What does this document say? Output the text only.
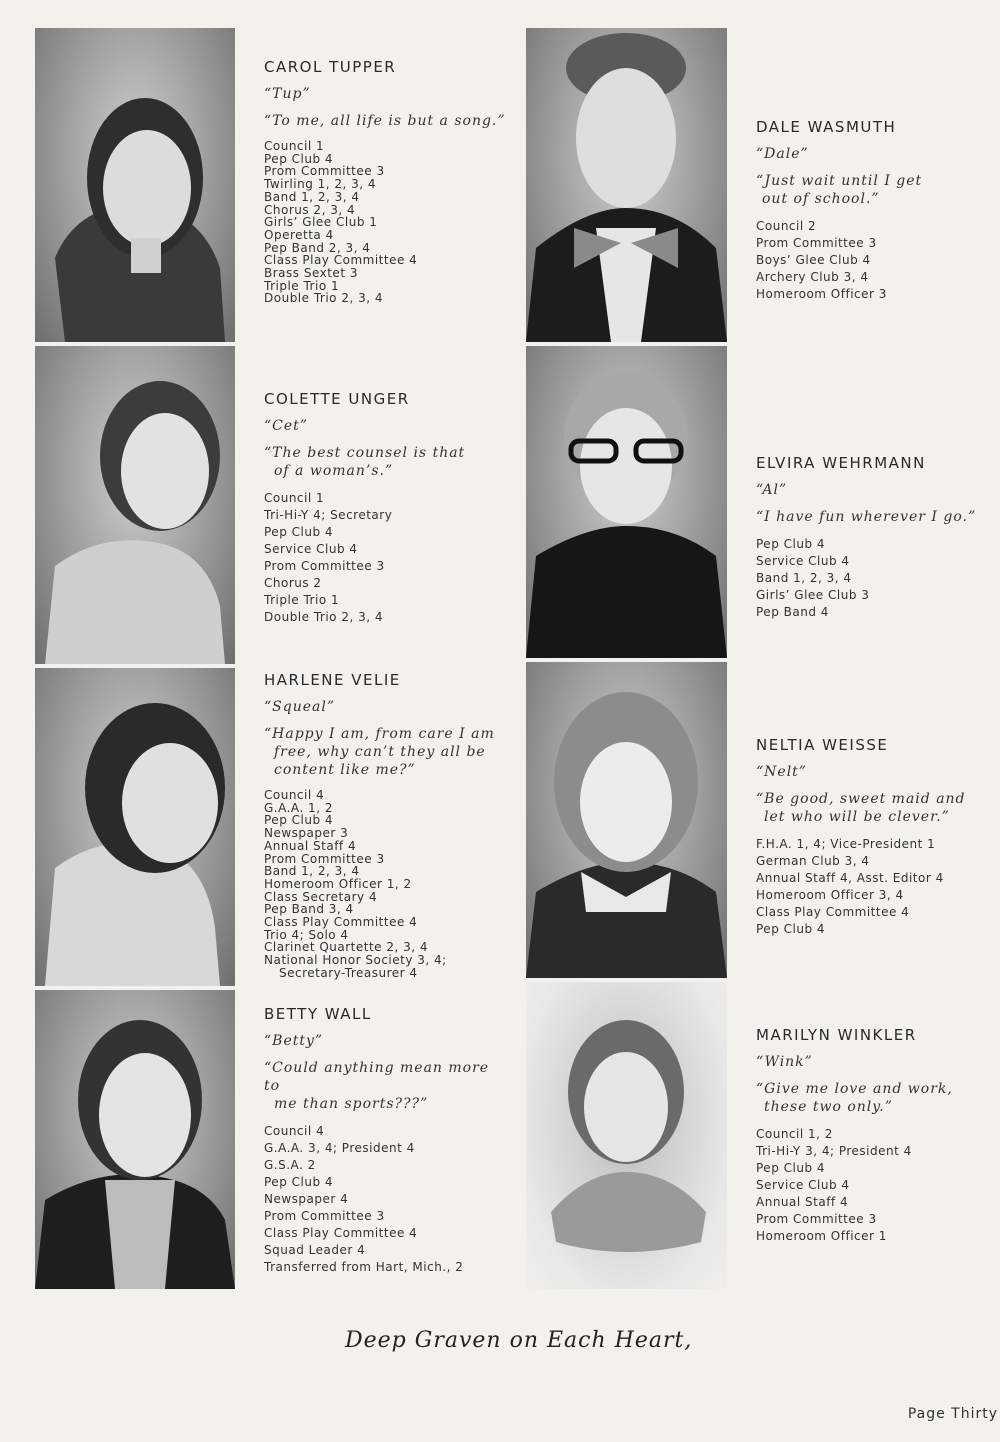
CAROL TUPPER
“Tup”
“To me, all life is but a song.”
Council 1
Pep Club 4
Prom Committee 3
Twirling 1, 2, 3, 4
Band 1, 2, 3, 4
Chorus 2, 3, 4
Girls’ Glee Club 1
Operetta 4
Pep Band 2, 3, 4
Class Play Committee 4
Brass Sextet 3
Triple Trio 1
Double Trio 2, 3, 4
COLETTE UNGER
“Cet”
“The best counsel is that
of a woman’s.”
Council 1
Tri-Hi-Y 4; Secretary
Pep Club 4
Service Club 4
Prom Committee 3
Chorus 2
Triple Trio 1
Double Trio 2, 3, 4
HARLENE VELIE
“Squeal”
“Happy I am, from care I am
free, why can’t they all be
content like me?”
Council 4
G.A.A. 1, 2
Pep Club 4
Newspaper 3
Annual Staff 4
Prom Committee 3
Band 1, 2, 3, 4
Homeroom Officer 1, 2
Class Secretary 4
Pep Band 3, 4
Class Play Committee 4
Trio 4; Solo 4
Clarinet Quartette 2, 3, 4
National Honor Society 3, 4;
Secretary-Treasurer 4
BETTY WALL
“Betty”
“Could anything mean more to
me than sports???”
Council 4
G.A.A. 3, 4; President 4
G.S.A. 2
Pep Club 4
Newspaper 4
Prom Committee 3
Class Play Committee 4
Squad Leader 4
Transferred from Hart, Mich., 2
DALE WASMUTH
“Dale”
“Just wait until I get
out of school.”
Council 2
Prom Committee 3
Boys’ Glee Club 4
Archery Club 3, 4
Homeroom Officer 3
ELVIRA WEHRMANN
“Al”
“I have fun wherever I go.”
Pep Club 4
Service Club 4
Band 1, 2, 3, 4
Girls’ Glee Club 3
Pep Band 4
NELTIA WEISSE
“Nelt”
“Be good, sweet maid and
let who will be clever.”
F.H.A. 1, 4; Vice-President 1
German Club 3, 4
Annual Staff 4, Asst. Editor 4
Homeroom Officer 3, 4
Class Play Committee 4
Pep Club 4
MARILYN WINKLER
“Wink”
“Give me love and work,
these two only.”
Council 1, 2
Tri-Hi-Y 3, 4; President 4
Pep Club 4
Service Club 4
Annual Staff 4
Prom Committee 3
Homeroom Officer 1
Deep Graven on Each Heart,
Page Thirty
